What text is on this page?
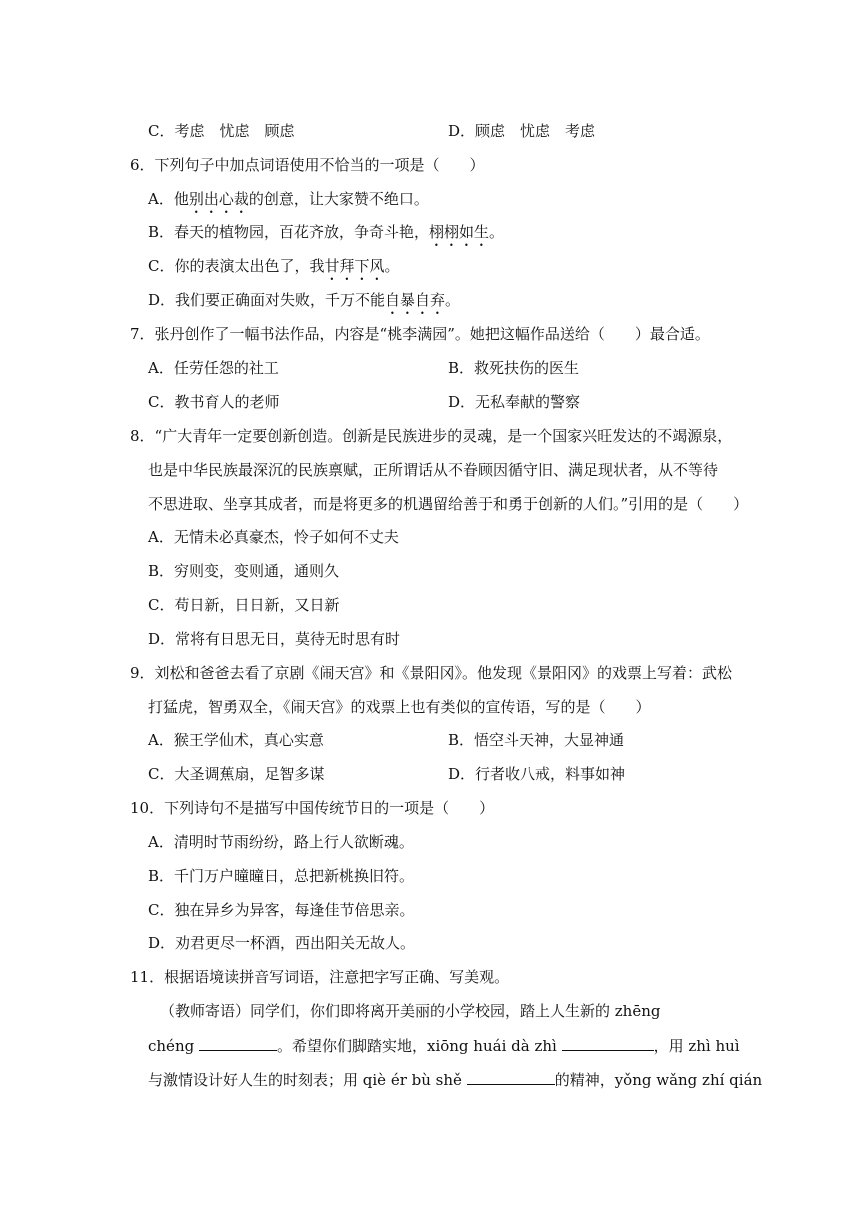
C．考虑　忧虑　顾虑	D．顾虑　忧虑　考虑
6．下列句子中加点词语使用不恰当的一项是（　　）
A．他别出心裁的创意，让大家赞不绝口。
B．春天的植物园，百花齐放，争奇斗艳，栩栩如生。
C．你的表演太出色了，我甘拜下风。
D．我们要正确面对失败，千万不能自暴自弃。
7．张丹创作了一幅书法作品，内容是“桃李满园”。她把这幅作品送给（　　）最合适。
A．任劳任怨的社工	B．救死扶伤的医生
C．教书育人的老师	D．无私奉献的警察
8．“广大青年一定要创新创造。创新是民族进步的灵魂，是一个国家兴旺发达的不竭源泉，
也是中华民族最深沉的民族禀赋，正所谓话从不眷顾因循守旧、满足现状者，从不等待
不思进取、坐享其成者，而是将更多的机遇留给善于和勇于创新的人们。”引用的是（　　）
A．无情未必真豪杰，怜子如何不丈夫
B．穷则变，变则通，通则久
C．苟日新，日日新，又日新
D．常将有日思无日，莫待无时思有时
9．刘松和爸爸去看了京剧《闹天宫》和《景阳冈》。他发现《景阳冈》的戏票上写着：武松
打猛虎，智勇双全，《闹天宫》的戏票上也有类似的宣传语，写的是（　　）
A．猴王学仙术，真心实意	B．悟空斗天神，大显神通
C．大圣调蕉扇，足智多谋	D．行者收八戒，料事如神
10．下列诗句不是描写中国传统节日的一项是（　　）
A．清明时节雨纷纷，路上行人欲断魂。
B．千门万户曈曈日，总把新桃换旧符。
C．独在异乡为异客，每逢佳节倍思亲。
D．劝君更尽一杯酒，西出阳关无故人。
11．根据语境读拼音写词语，注意把字写正确、写美观。
（教师寄语）同学们，你们即将离开美丽的小学校园，踏上人生新的 zhēng
chéng	。希望你们脚踏实地，xiōng huái dà zhì	，用 zhì huì
与激情设计好人生的时刻表；用 qiè ér bù shě	的精神，yǒng wǎng zhí qián
